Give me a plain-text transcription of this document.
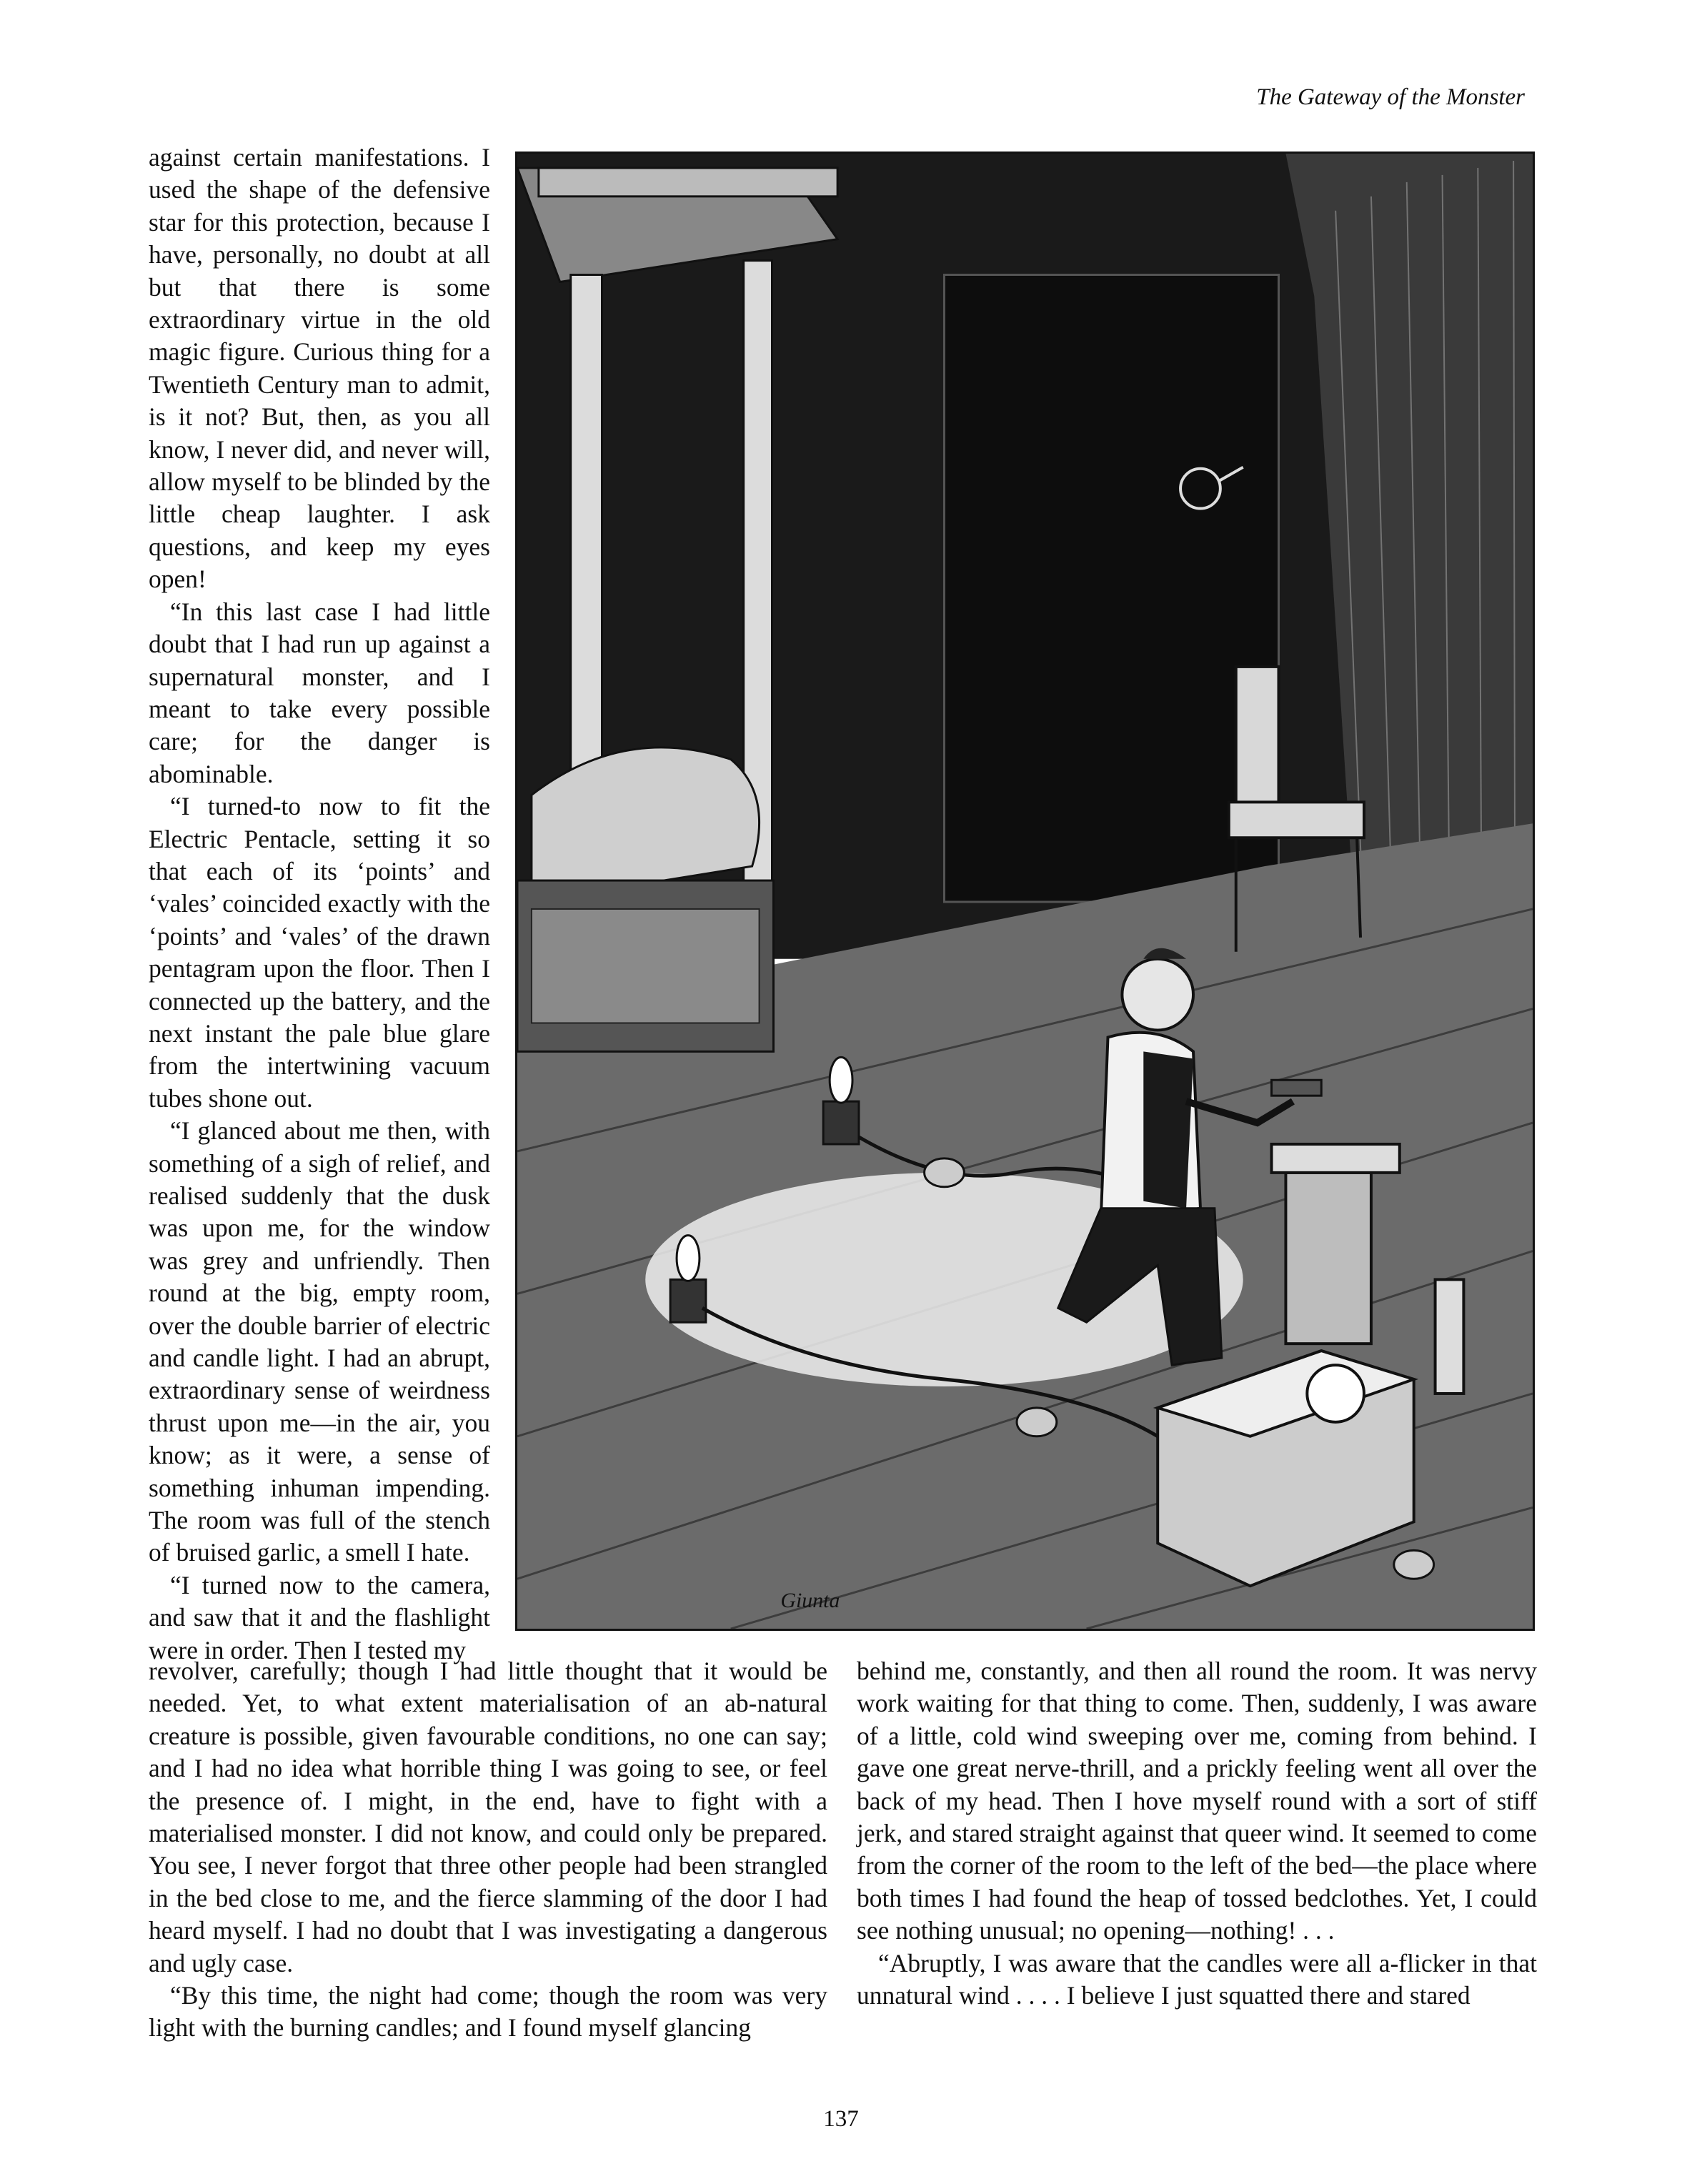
The Gateway of the Monster

against certain manifestations. I used the shape of the defensive star for this protection, because I have, personally, no doubt at all but that there is some extraordinary virtue in the old magic figure. Curious thing for a Twentieth Century man to admit, is it not? But, then, as you all know, I never did, and never will, allow myself to be blinded by the little cheap laughter. I ask questions, and keep my eyes open!

“In this last case I had little doubt that I had run up against a supernatural monster, and I meant to take every possible care; for the danger is abominable.

“I turned-to now to fit the Electric Pentacle, setting it so that each of its ‘points’ and ‘vales’ coincided exactly with the ‘points’ and ‘vales’ of the drawn pentagram upon the floor. Then I connected up the battery, and the next instant the pale blue glare from the intertwining vacuum tubes shone out.

“I glanced about me then, with something of a sigh of relief, and realised suddenly that the dusk was upon me, for the window was grey and unfriendly. Then round at the big, empty room, over the double barrier of electric and candle light. I had an abrupt, extraordinary sense of weirdness thrust upon me—in the air, you know; as it were, a sense of something inhuman impending. The room was full of the stench of bruised garlic, a smell I hate.

“I turned now to the camera, and saw that it and the flashlight were in order. Then I tested my

Giunta

revolver, carefully; though I had little thought that it would be needed. Yet, to what extent materialisation of an ab-natural creature is possible, given favourable conditions, no one can say; and I had no idea what horrible thing I was going to see, or feel the presence of. I might, in the end, have to fight with a materialised monster. I did not know, and could only be prepared. You see, I never forgot that three other people had been strangled in the bed close to me, and the fierce slamming of the door I had heard myself. I had no doubt that I was investigating a dangerous and ugly case.

“By this time, the night had come; though the room was very light with the burning candles; and I found myself glancing

behind me, constantly, and then all round the room. It was nervy work waiting for that thing to come. Then, suddenly, I was aware of a little, cold wind sweeping over me, coming from behind. I gave one great nerve-thrill, and a prickly feeling went all over the back of my head. Then I hove myself round with a sort of stiff jerk, and stared straight against that queer wind. It seemed to come from the corner of the room to the left of the bed—the place where both times I had found the heap of tossed bedclothes. Yet, I could see nothing unusual; no opening—nothing! . . .

“Abruptly, I was aware that the candles were all a-flicker in that unnatural wind . . . . I believe I just squatted there and stared

137
